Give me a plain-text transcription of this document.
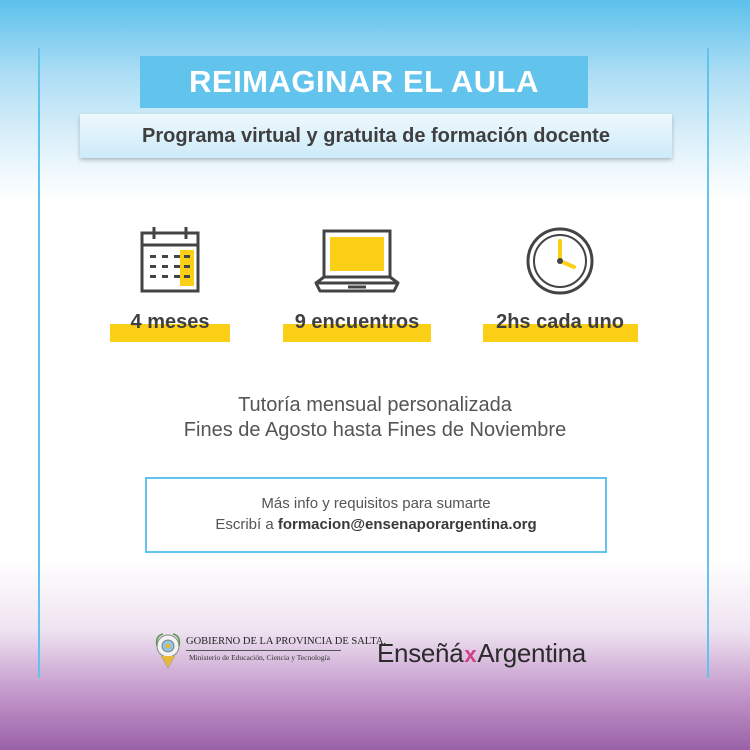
REIMAGINAR EL AULA
Programa virtual y gratuita de formación docente
4 meses	9 encuentros	2hs cada uno
Tutoría mensual personalizada
Fines de Agosto hasta Fines de Noviembre
Más info y requisitos para sumarte
Escribí a formacion@ensenaporargentina.org
GOBIERNO DE LA PROVINCIA DE SALTA.
Ministerio de Educación, Ciencia y Tecnología EnseñáxArgentina
